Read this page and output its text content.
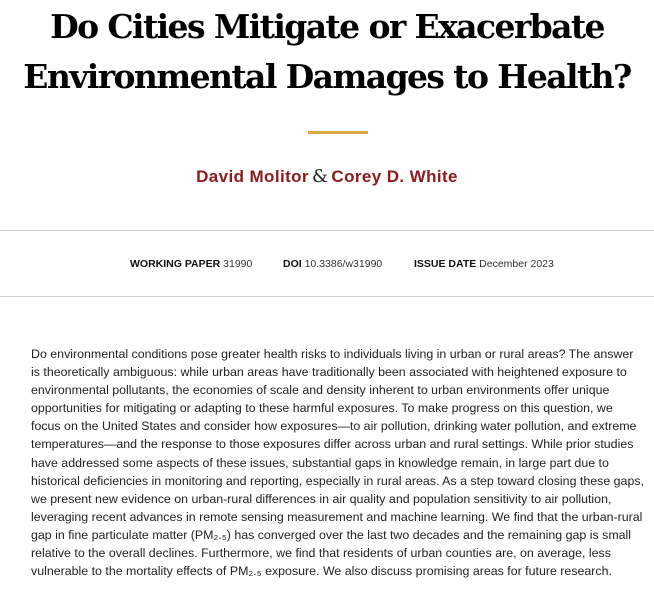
Do Cities Mitigate or Exacerbate
Environmental Damages to Health?
David Molitor & Corey D. White
WORKING PAPER 31990	DOI 10.3386/w31990	ISSUE DATE December 2023

Do environmental conditions pose greater health risks to individuals living in urban or rural areas? The answer is theoretically ambiguous: while urban areas have traditionally been associated with heightened exposure to environmental pollutants, the economies of scale and density inherent to urban environments offer unique opportunities for mitigating or adapting to these harmful exposures. To make progress on this question, we focus on the United States and consider how exposures—to air pollution, drinking water pollution, and extreme temperatures—and the response to those exposures differ across urban and rural settings. While prior studies have addressed some aspects of these issues, substantial gaps in knowledge remain, in large part due to historical deficiencies in monitoring and reporting, especially in rural areas. As a step toward closing these gaps, we present new evidence on urban-rural differences in air quality and population sensitivity to air pollution, leveraging recent advances in remote sensing measurement and machine learning. We find that the urban-rural gap in fine particulate matter (PM₂.₅) has converged over the last two decades and the remaining gap is small relative to the overall declines. Furthermore, we find that residents of urban counties are, on average, less vulnerable to the mortality effects of PM₂.₅ exposure. We also discuss promising areas for future research.
